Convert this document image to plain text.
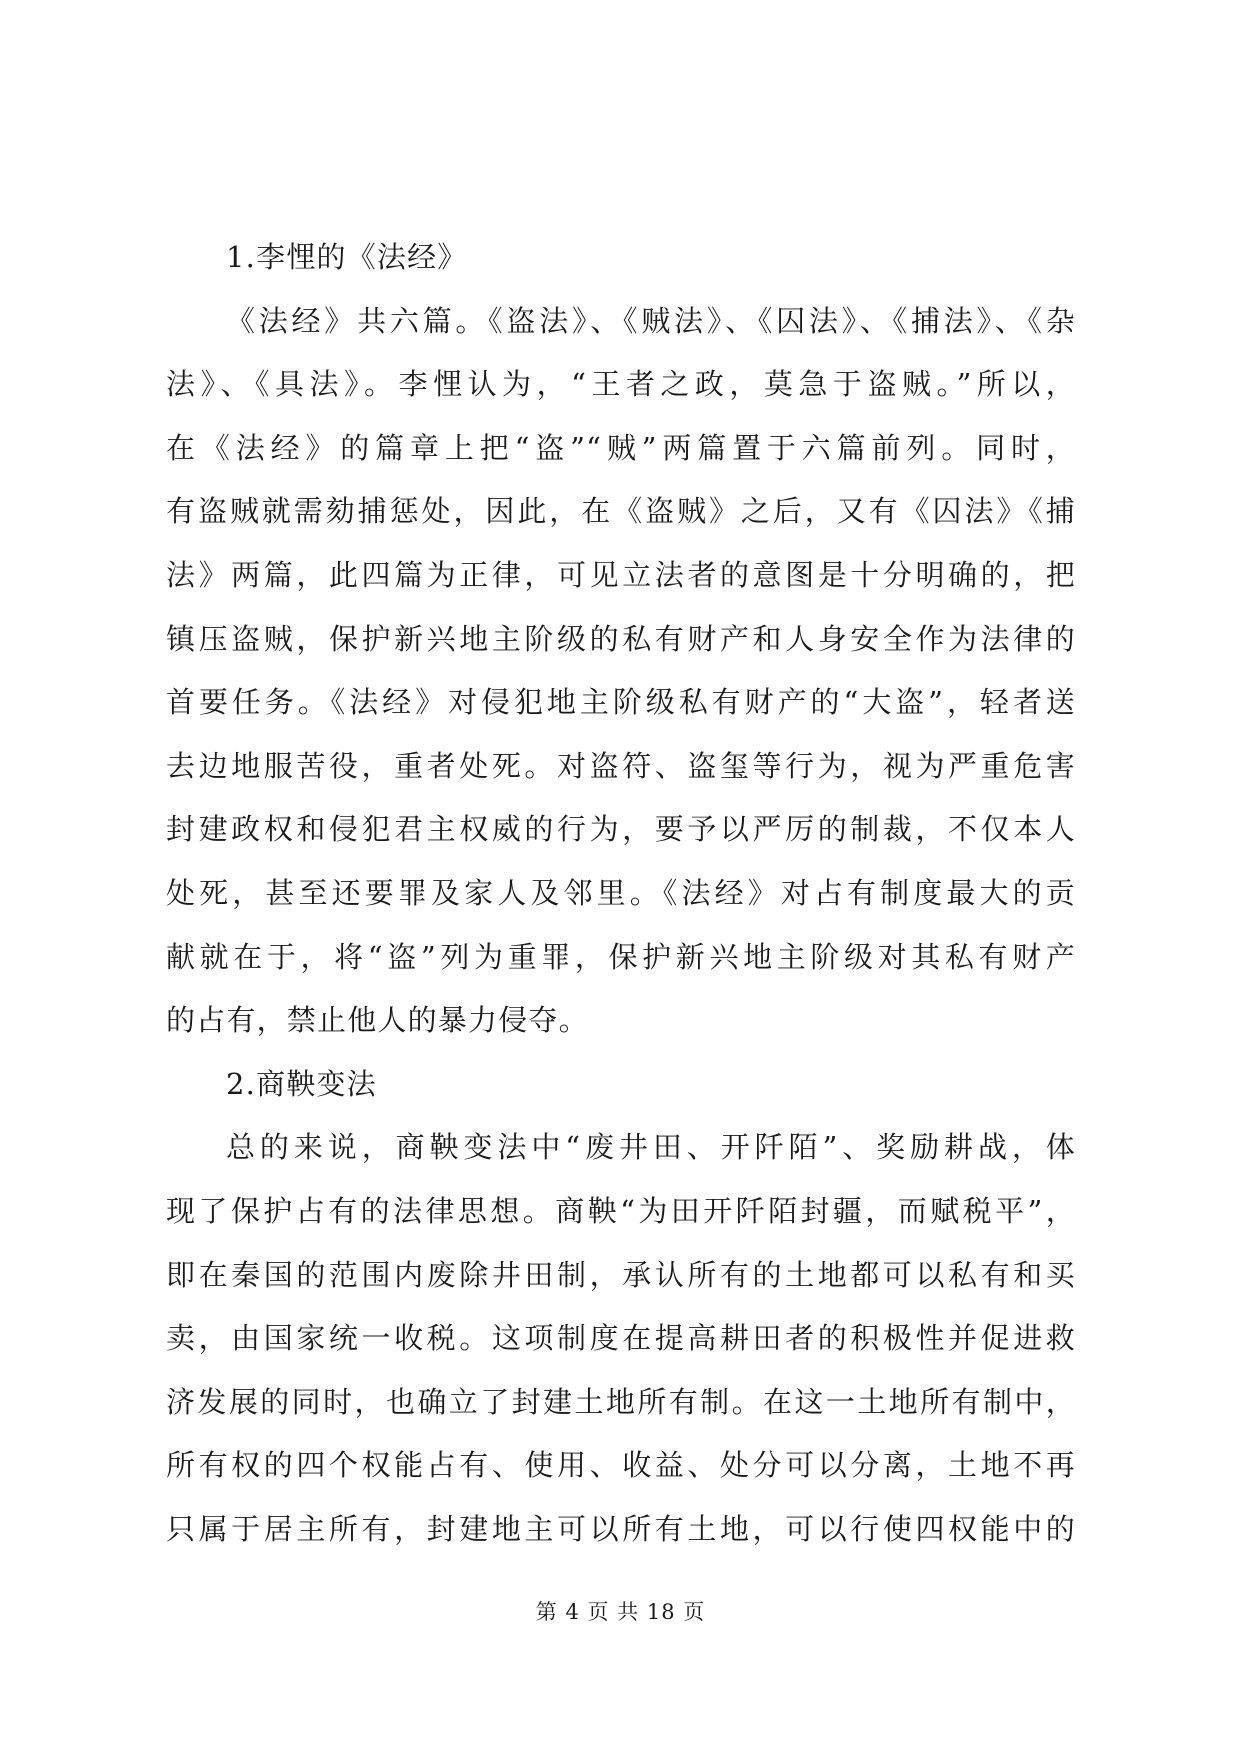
1.李悝的《法经》
《法经》共六篇。《盗法》、《贼法》、《囚法》、《捕法》、《杂
法》、《具法》。李悝认为，“王者之政，莫急于盗贼。”所以，
在《法经》的篇章上把“盗”“贼”两篇置于六篇前列。同时，
有盗贼就需劾捕惩处，因此，在《盗贼》之后，又有《囚法》《捕
法》两篇，此四篇为正律，可见立法者的意图是十分明确的，把
镇压盗贼，保护新兴地主阶级的私有财产和人身安全作为法律的
首要任务。《法经》对侵犯地主阶级私有财产的“大盗”，轻者送
去边地服苦役，重者处死。对盗符、盗玺等行为，视为严重危害
封建政权和侵犯君主权威的行为，要予以严厉的制裁，不仅本人
处死，甚至还要罪及家人及邻里。《法经》对占有制度最大的贡
献就在于，将“盗”列为重罪，保护新兴地主阶级对其私有财产
的占有，禁止他人的暴力侵夺。
2.商鞅变法
总的来说，商鞅变法中“废井田、开阡陌”、奖励耕战，体
现了保护占有的法律思想。商鞅“为田开阡陌封疆，而赋税平”，
即在秦国的范围内废除井田制，承认所有的土地都可以私有和买
卖，由国家统一收税。这项制度在提高耕田者的积极性并促进救
济发展的同时，也确立了封建土地所有制。在这一土地所有制中，
所有权的四个权能占有、使用、收益、处分可以分离，土地不再
只属于居主所有，封建地主可以所有土地，可以行使四权能中的
第 4 页 共 18 页
